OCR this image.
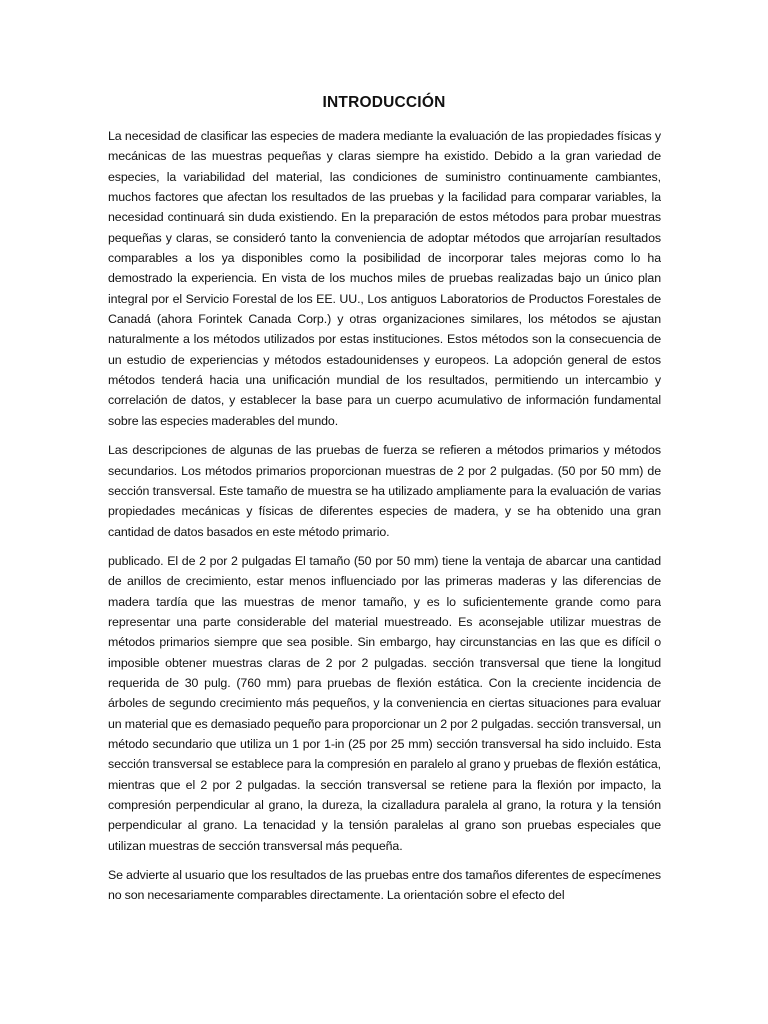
INTRODUCCIÓN

La necesidad de clasificar las especies de madera mediante la evaluación de las propiedades físicas y mecánicas de las muestras pequeñas y claras siempre ha existido. Debido a la gran variedad de especies, la variabilidad del material, las condiciones de suministro continuamente cambiantes, muchos factores que afectan los resultados de las pruebas y la facilidad para comparar variables, la necesidad continuará sin duda existiendo. En la preparación de estos métodos para probar muestras pequeñas y claras, se consideró tanto la conveniencia de adoptar métodos que arrojarían resultados comparables a los ya disponibles como la posibilidad de incorporar tales mejoras como lo ha demostrado la experiencia. En vista de los muchos miles de pruebas realizadas bajo un único plan integral por el Servicio Forestal de los EE. UU., Los antiguos Laboratorios de Productos Forestales de Canadá (ahora Forintek Canada Corp.) y otras organizaciones similares, los métodos se ajustan naturalmente a los métodos utilizados por estas instituciones. Estos métodos son la consecuencia de un estudio de experiencias y métodos estadounidenses y europeos. La adopción general de estos métodos tenderá hacia una unificación mundial de los resultados, permitiendo un intercambio y correlación de datos, y establecer la base para un cuerpo acumulativo de información fundamental sobre las especies maderables del mundo.

Las descripciones de algunas de las pruebas de fuerza se refieren a métodos primarios y métodos secundarios. Los métodos primarios proporcionan muestras de 2 por 2 pulgadas. (50 por 50 mm) de sección transversal. Este tamaño de muestra se ha utilizado ampliamente para la evaluación de varias propiedades mecánicas y físicas de diferentes especies de madera, y se ha obtenido una gran cantidad de datos basados en este método primario.

publicado. El de 2 por 2 pulgadas El tamaño (50 por 50 mm) tiene la ventaja de abarcar una cantidad de anillos de crecimiento, estar menos influenciado por las primeras maderas y las diferencias de madera tardía que las muestras de menor tamaño, y es lo suficientemente grande como para representar una parte considerable del material muestreado. Es aconsejable utilizar muestras de métodos primarios siempre que sea posible. Sin embargo, hay circunstancias en las que es difícil o imposible obtener muestras claras de 2 por 2 pulgadas. sección transversal que tiene la longitud requerida de 30 pulg. (760 mm) para pruebas de flexión estática. Con la creciente incidencia de árboles de segundo crecimiento más pequeños, y la conveniencia en ciertas situaciones para evaluar un material que es demasiado pequeño para proporcionar un 2 por 2 pulgadas. sección transversal, un método secundario que utiliza un 1 por 1-in (25 por 25 mm) sección transversal ha sido incluido. Esta sección transversal se establece para la compresión en paralelo al grano y pruebas de flexión estática, mientras que el 2 por 2 pulgadas. la sección transversal se retiene para la flexión por impacto, la compresión perpendicular al grano, la dureza, la cizalladura paralela al grano, la rotura y la tensión perpendicular al grano. La tenacidad y la tensión paralelas al grano son pruebas especiales que utilizan muestras de sección transversal más pequeña.

Se advierte al usuario que los resultados de las pruebas entre dos tamaños diferentes de especímenes no son necesariamente comparables directamente. La orientación sobre el efecto del
